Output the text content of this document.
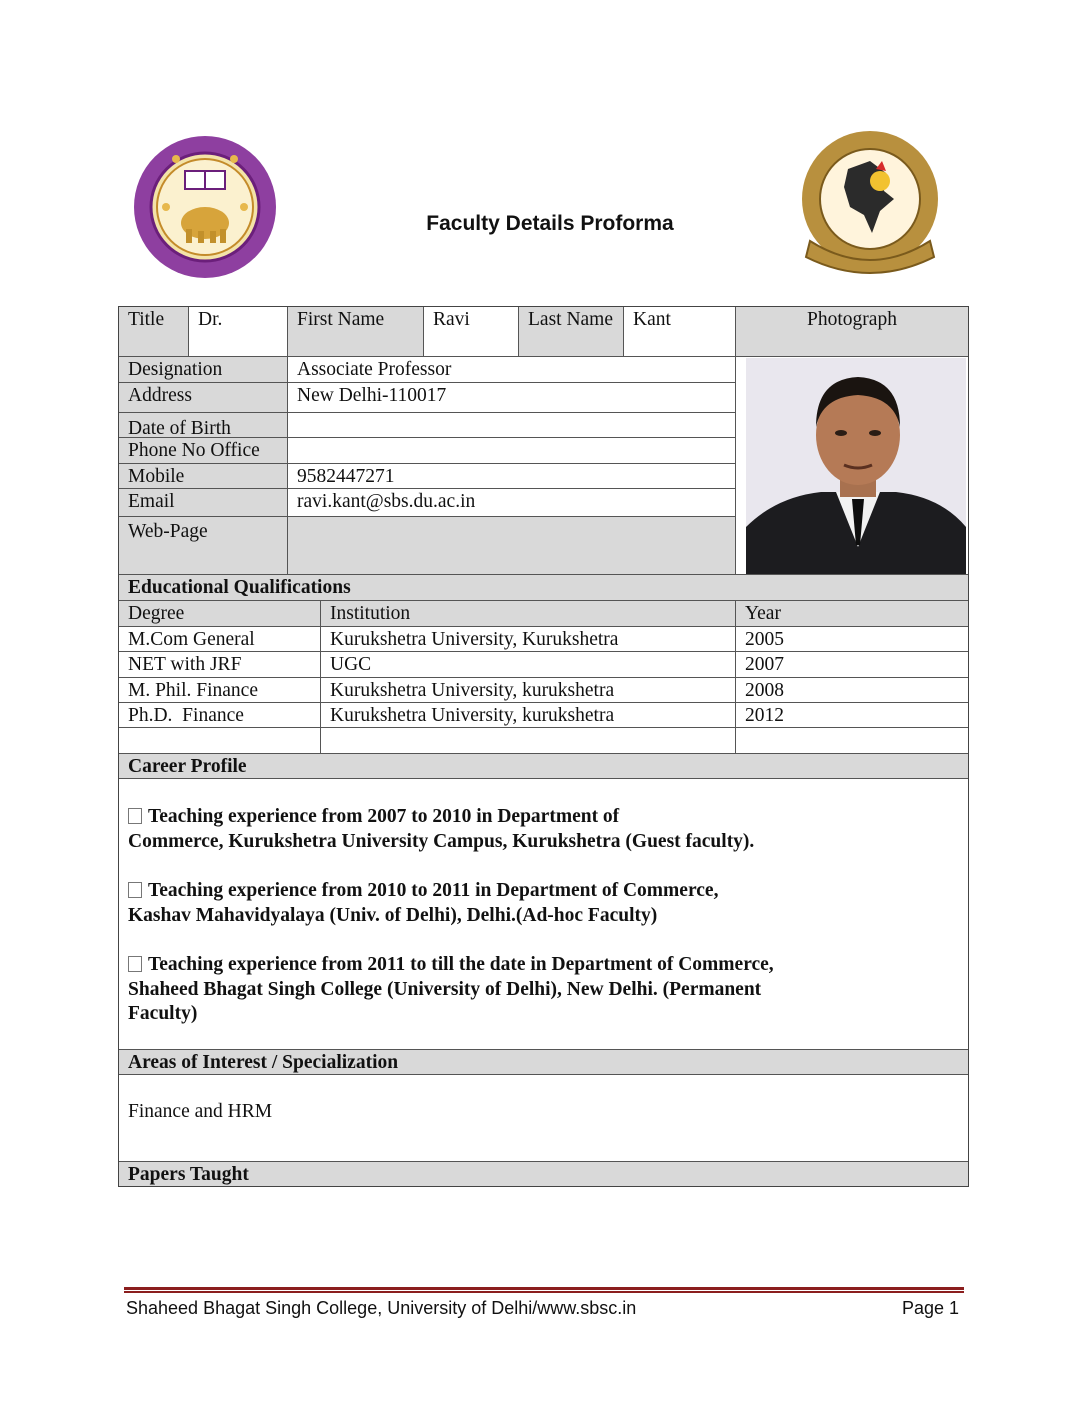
Faculty Details Proforma
Title	Dr.	First Name	Ravi	Last Name	Kant	Photograph
Designation	Associate Professor
Address	New Delhi-110017
Date of Birth
Phone No Office
Mobile	9582447271
Email	ravi.kant@sbs.du.ac.in
Web-Page
Educational Qualifications
Degree	Institution	Year
M.Com General	Kurukshetra University, Kurukshetra	2005
NET with JRF	UGC	2007
M. Phil. Finance	Kurukshetra University, kurukshetra	2008
Ph.D.  Finance	Kurukshetra University, kurukshetra	2012
Career Profile
Teaching experience from 2007 to 2010 in Department of
Commerce, Kurukshetra University Campus, Kurukshetra (Guest faculty).
Teaching experience from 2010 to 2011 in Department of Commerce,
Kashav Mahavidyalaya (Univ. of Delhi), Delhi.(Ad-hoc Faculty)
Teaching experience from 2011 to till the date in Department of Commerce,
Shaheed Bhagat Singh College (University of Delhi), New Delhi. (Permanent
Faculty)
Areas of Interest / Specialization
Finance and HRM
Papers Taught
Shaheed Bhagat Singh College, University of Delhi/www.sbsc.in	Page 1
